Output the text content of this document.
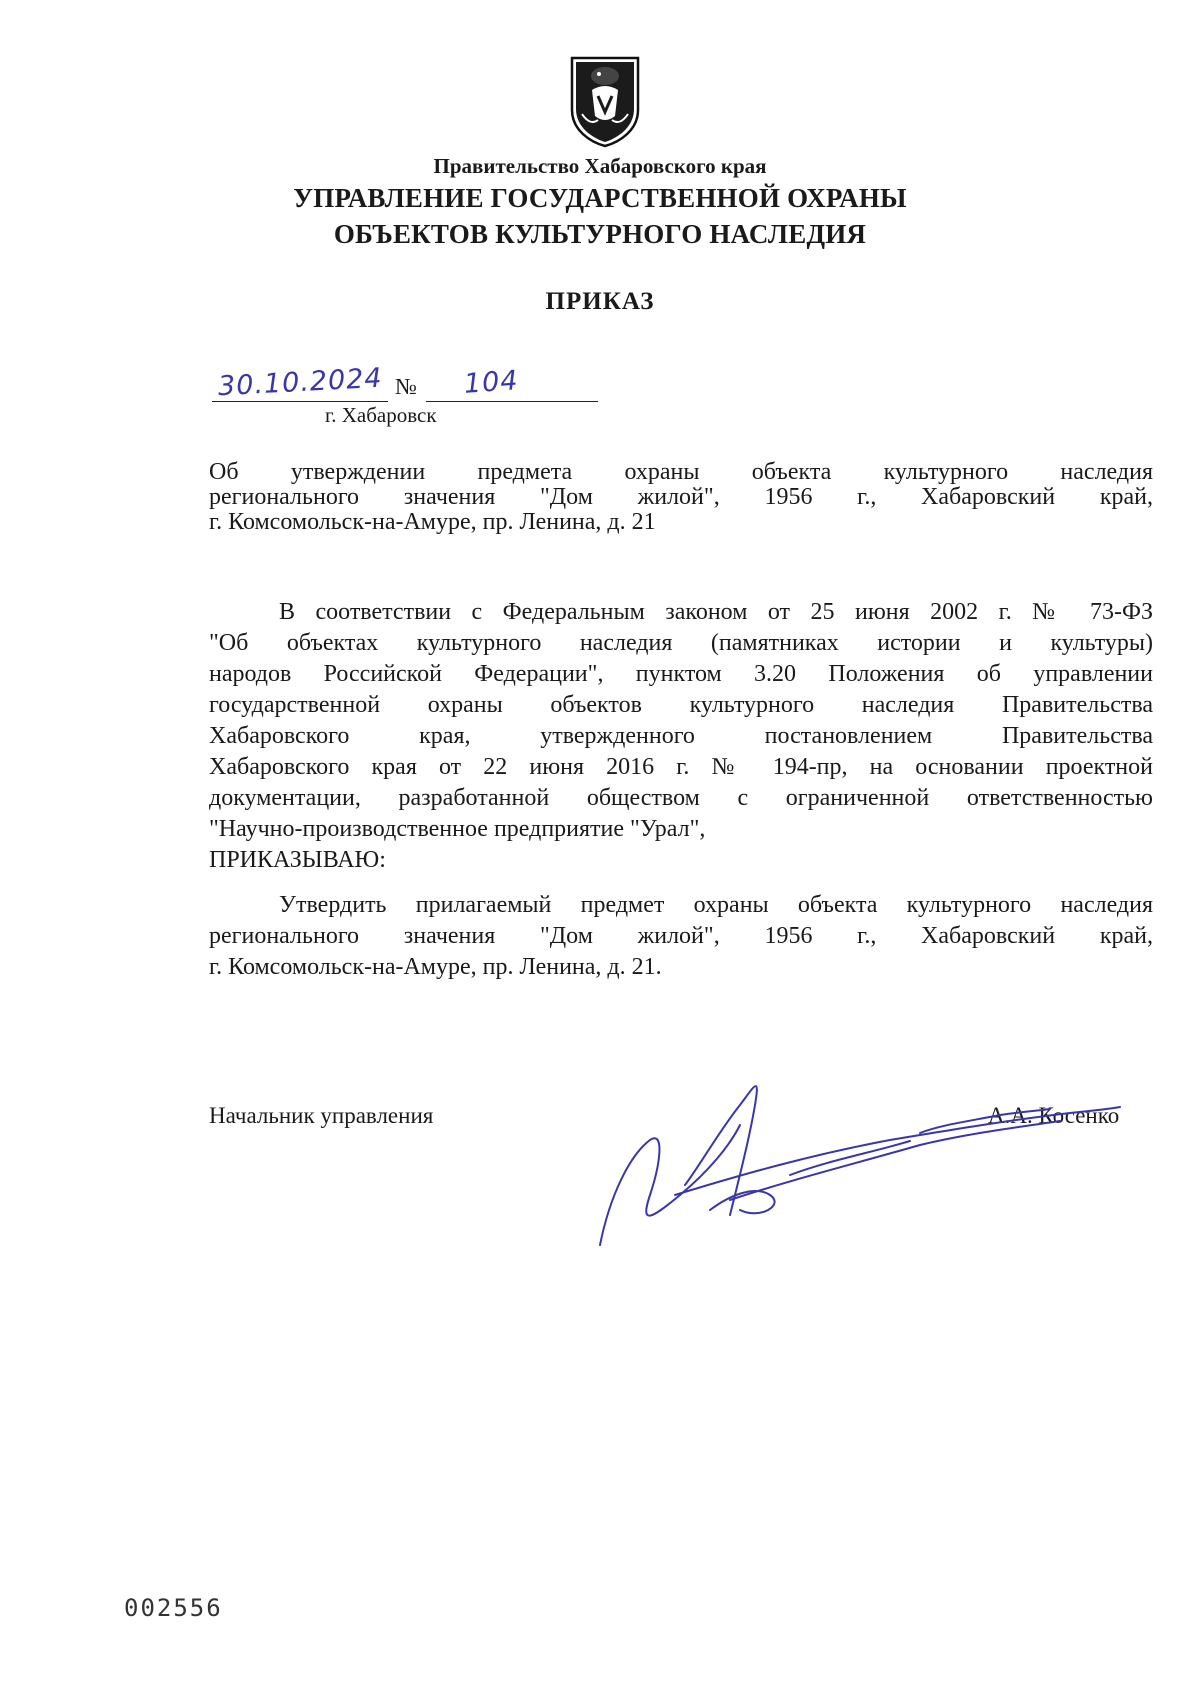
Правительство Хабаровского края
УПРАВЛЕНИЕ ГОСУДАРСТВЕННОЙ ОХРАНЫ
ОБЪЕКТОВ КУЛЬТУРНОГО НАСЛЕДИЯ
ПРИКАЗ
30.10.2024 № 104
г. Хабаровск
Об утверждении предмета охраны объекта культурного наследия
регионального значения "Дом жилой", 1956 г., Хабаровский край,
г. Комсомольск-на-Амуре, пр. Ленина, д. 21
В соответствии с Федеральным законом от 25 июня 2002 г. № 73-ФЗ
"Об объектах культурного наследия (памятниках истории и культуры)
народов Российской Федерации", пунктом 3.20 Положения об управлении
государственной охраны объектов культурного наследия Правительства
Хабаровского края, утвержденного постановлением Правительства
Хабаровского края от 22 июня 2016 г. № 194-пр, на основании проектной
документации, разработанной обществом с ограниченной ответственностью
"Научно-производственное предприятие "Урал",
ПРИКАЗЫВАЮ:
Утвердить прилагаемый предмет охраны объекта культурного наследия
регионального значения "Дом жилой", 1956 г., Хабаровский край,
г. Комсомольск-на-Амуре, пр. Ленина, д. 21.
Начальник управления	А.А. Косенко
002556
